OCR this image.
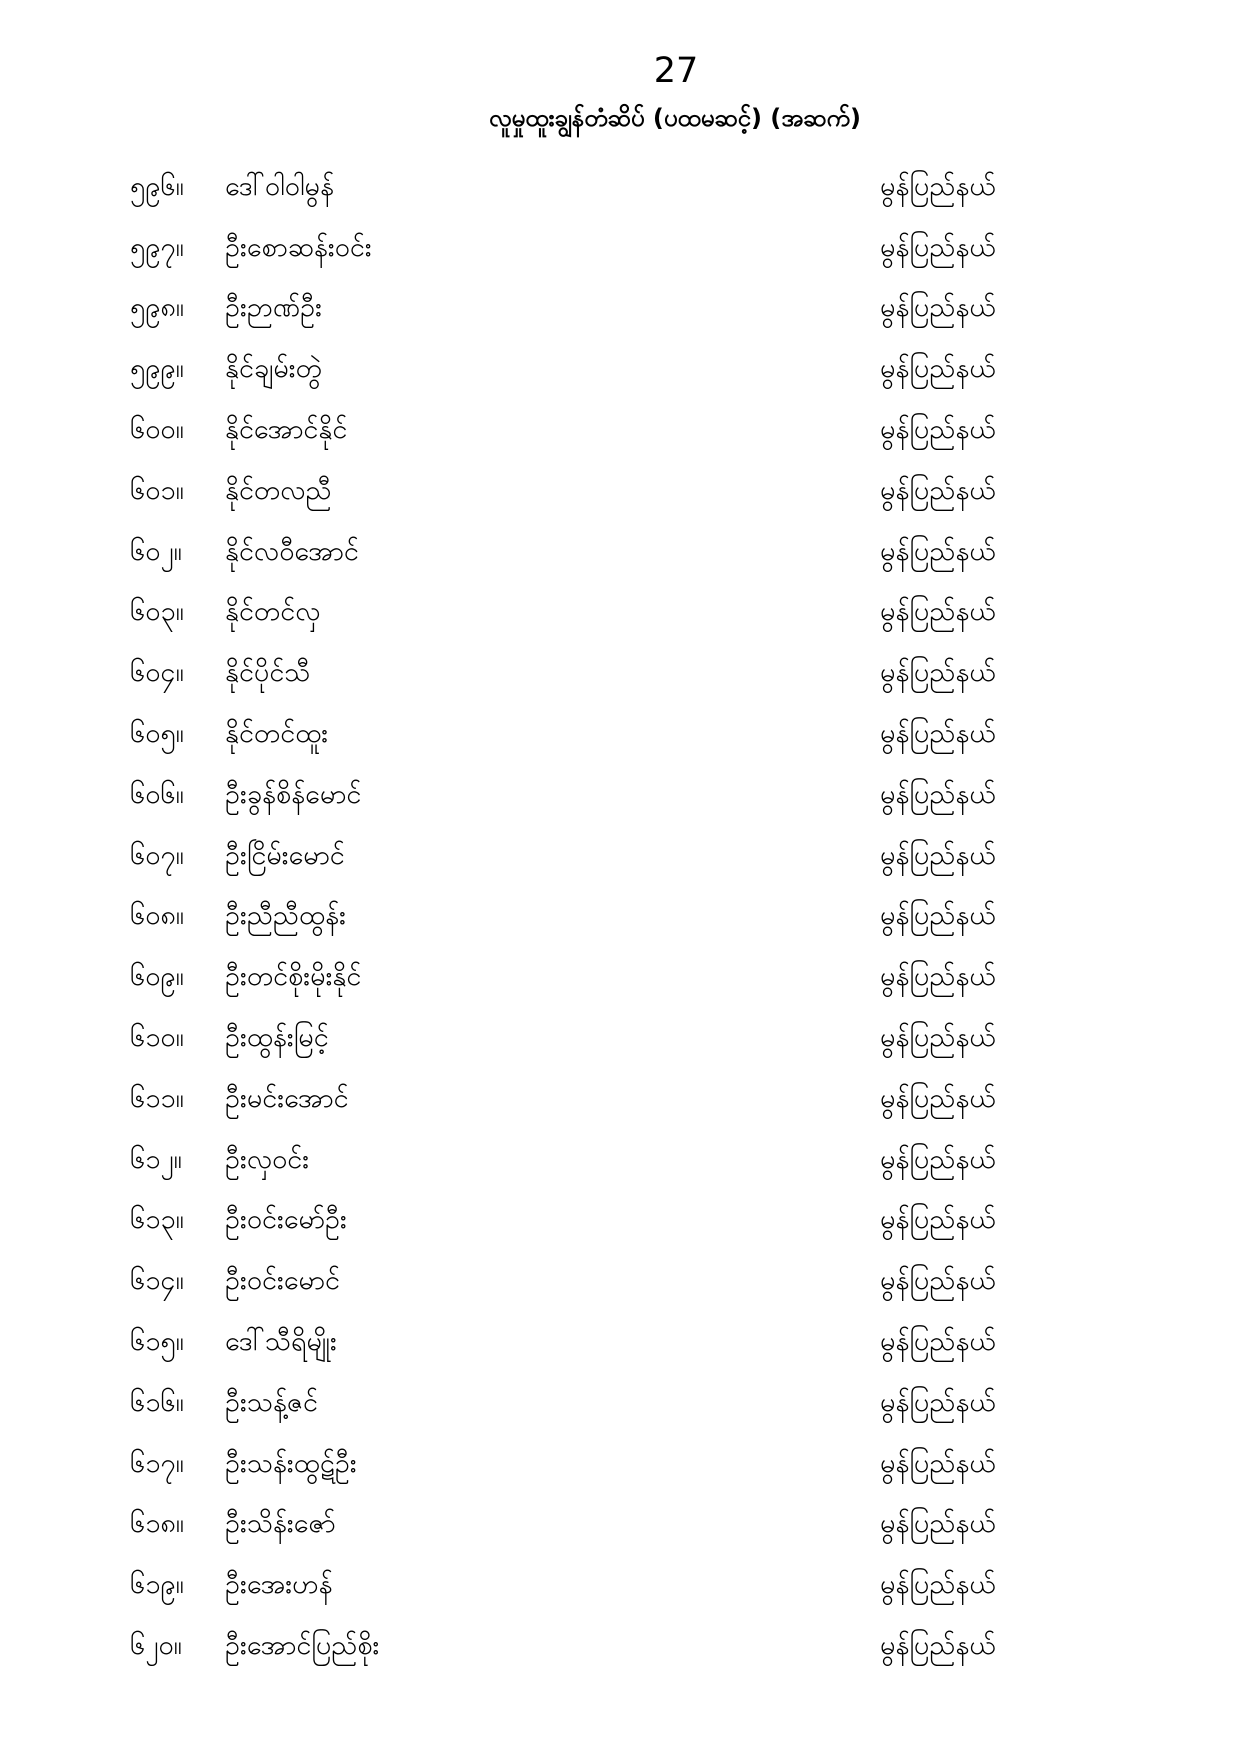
27
လူမှုထူးချွန်တံဆိပ် (ပထမဆင့်) (အဆက်)
၅၉၆။	ဒေါ်ဝါဝါမွန်	မွန်ပြည်နယ်
၅၉၇။	ဦးစောဆန်းဝင်း	မွန်ပြည်နယ်
၅၉၈။	ဦးဉာဏ်ဦး	မွန်ပြည်နယ်
၅၉၉။	နိုင်ချမ်းတွဲ	မွန်ပြည်နယ်
၆၀၀။	နိုင်အောင်နိုင်	မွန်ပြည်နယ်
၆၀၁။	နိုင်တလညီ	မွန်ပြည်နယ်
၆၀၂။	နိုင်လဝီအောင်	မွန်ပြည်နယ်
၆၀၃။	နိုင်တင်လှ	မွန်ပြည်နယ်
၆၀၄။	နိုင်ပိုင်သီ	မွန်ပြည်နယ်
၆၀၅။	နိုင်တင်ထူး	မွန်ပြည်နယ်
၆၀၆။	ဦးခွန်စိန်မောင်	မွန်ပြည်နယ်
၆၀၇။	ဦးငြိမ်းမောင်	မွန်ပြည်နယ်
၆၀၈။	ဦးညီညီထွန်း	မွန်ပြည်နယ်
၆၀၉။	ဦးတင်စိုးမိုးနိုင်	မွန်ပြည်နယ်
၆၁၀။	ဦးထွန်းမြင့်	မွန်ပြည်နယ်
၆၁၁။	ဦးမင်းအောင်	မွန်ပြည်နယ်
၆၁၂။	ဦးလှဝင်း	မွန်ပြည်နယ်
၆၁၃။	ဦးဝင်းမော်ဦး	မွန်ပြည်နယ်
၆၁၄။	ဦးဝင်းမောင်	မွန်ပြည်နယ်
၆၁၅။	ဒေါ်သီရိမျိုး	မွန်ပြည်နယ်
၆၁၆။	ဦးသန့်ဇင်	မွန်ပြည်နယ်
၆၁၇။	ဦးသန်းထွဋ်ဦး	မွန်ပြည်နယ်
၆၁၈။	ဦးသိန်းဇော်	မွန်ပြည်နယ်
၆၁၉။	ဦးအေးဟန်	မွန်ပြည်နယ်
၆၂၀။	ဦးအောင်ပြည်စိုး	မွန်ပြည်နယ်
